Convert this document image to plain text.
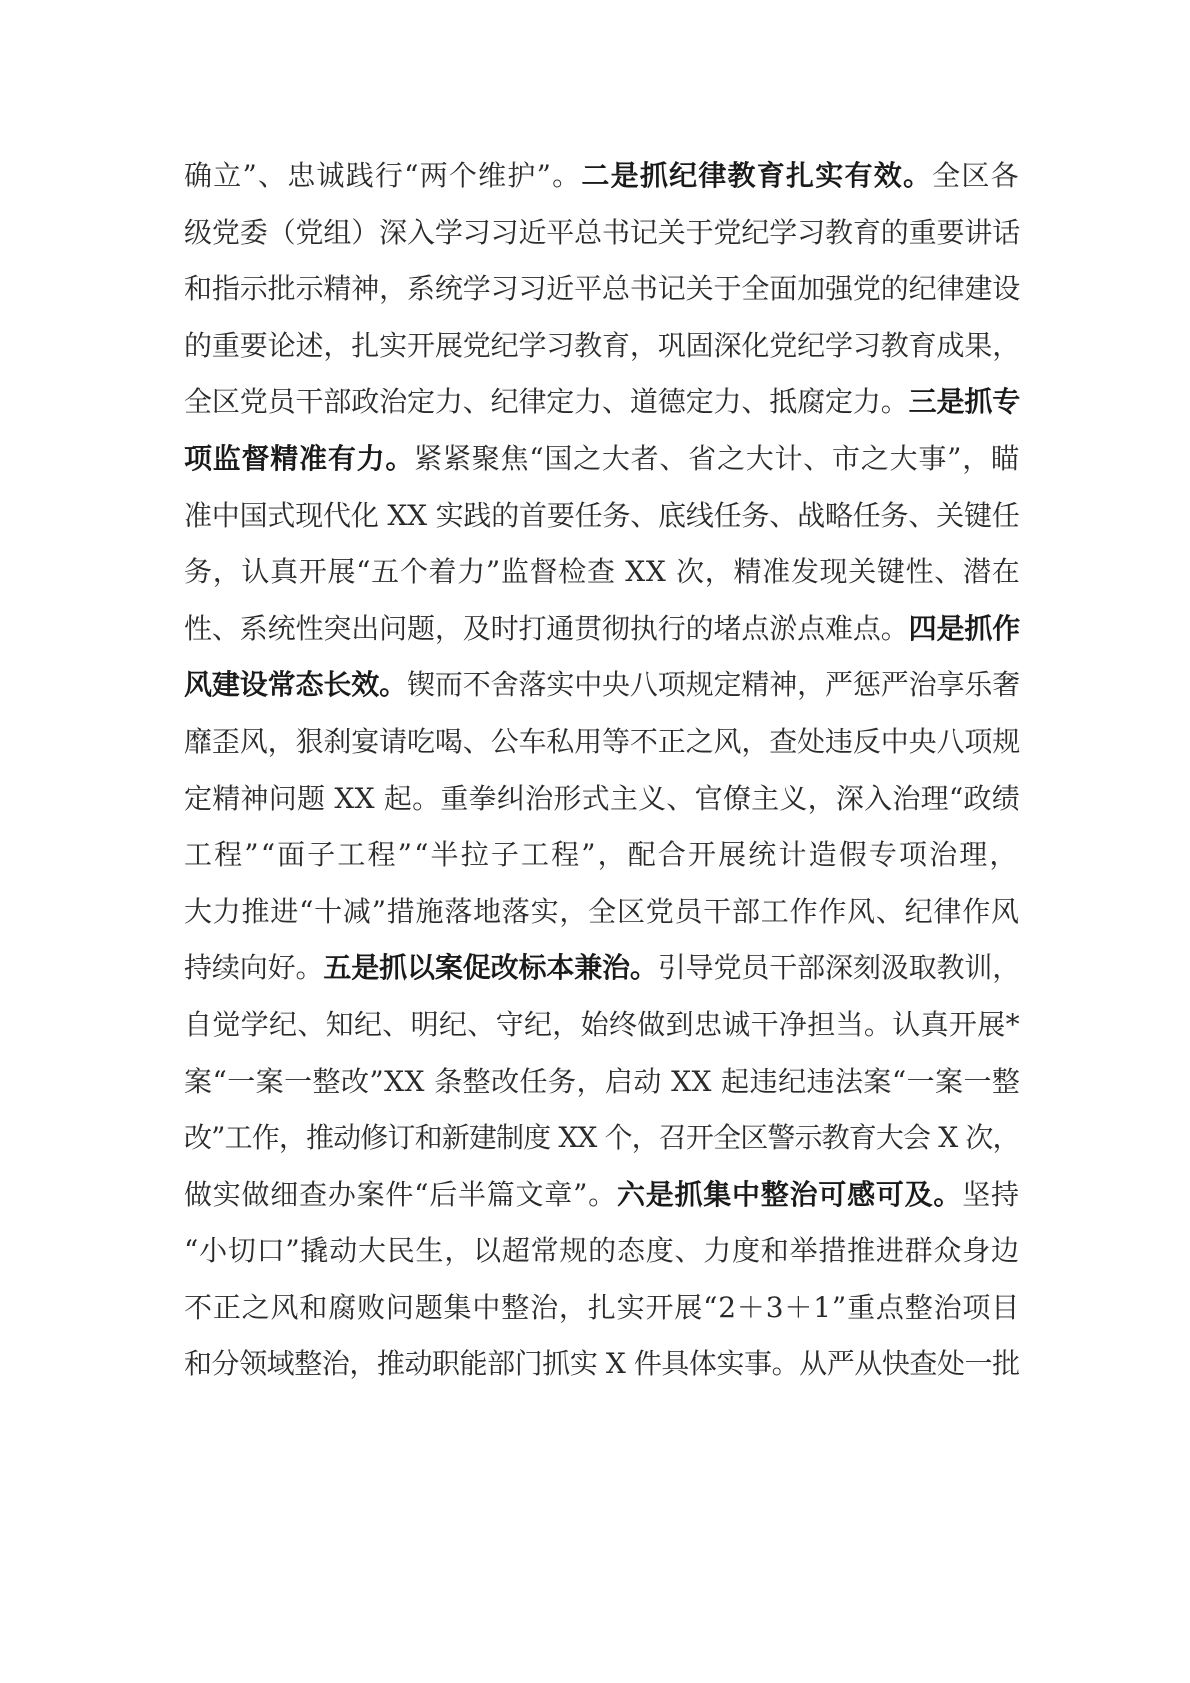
确立”、忠诚践行“两个维护”。二是抓纪律教育扎实有效。全区各
级党委（党组）深入学习习近平总书记关于党纪学习教育的重要讲话
和指示批示精神，系统学习习近平总书记关于全面加强党的纪律建设
的重要论述，扎实开展党纪学习教育，巩固深化党纪学习教育成果，
全区党员干部政治定力、纪律定力、道德定力、抵腐定力。三是抓专
项监督精准有力。紧紧聚焦“国之大者、省之大计、市之大事”，瞄
准中国式现代化 XX 实践的首要任务、底线任务、战略任务、关键任
务，认真开展“五个着力”监督检查 XX 次，精准发现关键性、潜在
性、系统性突出问题，及时打通贯彻执行的堵点淤点难点。四是抓作
风建设常态长效。锲而不舍落实中央八项规定精神，严惩严治享乐奢
靡歪风，狠刹宴请吃喝、公车私用等不正之风，查处违反中央八项规
定精神问题 XX 起。重拳纠治形式主义、官僚主义，深入治理“政绩
工程”“面子工程”“半拉子工程”，配合开展统计造假专项治理，
大力推进“十减”措施落地落实，全区党员干部工作作风、纪律作风
持续向好。五是抓以案促改标本兼治。引导党员干部深刻汲取教训，
自觉学纪、知纪、明纪、守纪，始终做到忠诚干净担当。认真开展*
案“一案一整改”XX 条整改任务，启动 XX 起违纪违法案“一案一整
改”工作，推动修订和新建制度 XX 个，召开全区警示教育大会 X 次，
做实做细查办案件“后半篇文章”。六是抓集中整治可感可及。坚持
“小切口”撬动大民生，以超常规的态度、力度和举措推进群众身边
不正之风和腐败问题集中整治，扎实开展“2＋3＋1”重点整治项目
和分领域整治，推动职能部门抓实 X 件具体实事。从严从快查处一批
